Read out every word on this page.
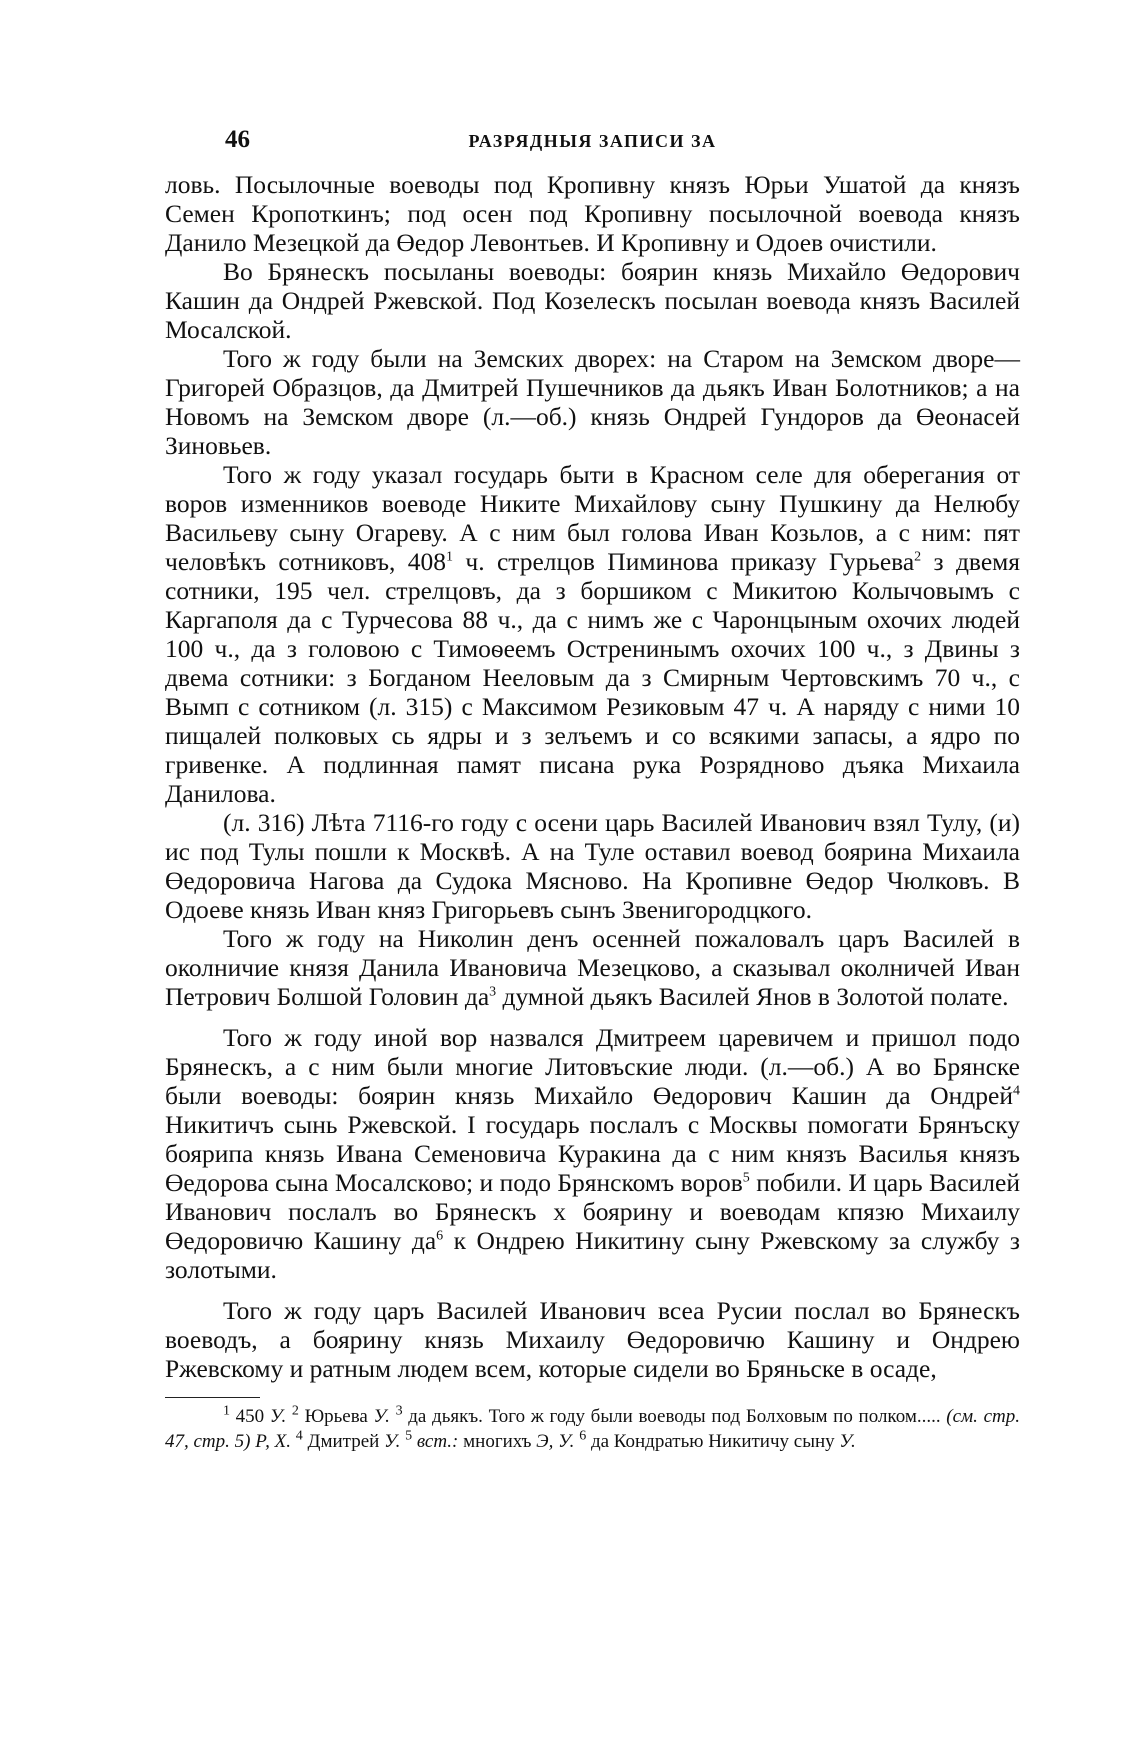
46	РАЗРЯДНЫЯ ЗАПИСИ ЗА

ловь. Посылочные воеводы под Кропивну князъ Юрьи Ушатой да князъ Семен Кропоткинъ; под осен под Кропивну посылочной воевода князъ Данило Мезецкой да Өедор Левонтьев. И Кропивну и Одоев очистили.

Во Брянескъ посыланы воеводы: боярин князь Михайло Өедорович Кашин да Ондрей Ржевской. Под Козелескъ посылан воевода князъ Василей Мосалской.

Того ж году были на Земских дворех: на Старом на Земском дворе— Григорей Образцов, да Дмитрей Пушечников да дьякъ Иван Болотников; а на Новомъ на Земском дворе (л.—об.) князь Ондрей Гундоров да Өеонасей Зиновьев.

Того ж году указал государь быти в Красном селе для оберегания от воров изменников воеводе Никите Михайлову сыну Пушкину да Нелюбу Васильеву сыну Огареву. А с ним был голова Иван Козьлов, а с ним: пят человѣкъ сотниковъ, $408^1$ ч. стрелцов Пиминова приказу Гурьева$^2$ з двемя сотники, 195 чел. стрелцовъ, да з боршиком с Микитою Колычовымъ с Каргаполя да с Турчесова 88 ч., да с нимъ же с Чаронцыным охочих людей 100 ч., да з головою с Тимоѳеемъ Остренинымъ охочих 100 ч., з Двины з двема сотники: з Богданом Нееловым да з Смирным Чертовскимъ 70 ч., с Вымп с сотником (л. 315) с Максимом Резиковым 47 ч. А наряду с ними 10 пищалей полковых сь ядры и з зелъемъ и со всякими запасы, а ядро по гривенке. А подлинная памят писана рука Розрядново дъяка Михаила Данилова.

(л. 316) Лѣта 7116-го году с осени царь Василей Иванович взял Тулу, (и) ис под Тулы пошли к Москвѣ. А на Туле оставил воевод боярина Михаила Өедоровича Нагова да Судока Мясново. На Кропивне Өедор Чюлковъ. В Одоеве князь Иван княз Григорьевъ сынъ Звенигородцкого.

Того ж году на Николин денъ осенней пожаловалъ царъ Василей в околничие князя Данила Ивановича Мезецково, а сказывал околничей Иван Петрович Болшой Головин $да^3$ думной дьякъ Василей Янов в Золотой полате.

Того ж году иной вор назвался Дмитреем царевичем и пришол подо Брянескъ, а с ним были многие Литовъские люди. (л.—об.) А во Брянске были воеводы: боярин князь Михайло Өедорович Кашин да Ондрей$^4$ Никитичъ сынь Ржевской. І государь послалъ с Москвы помогати Брянъску боярипа князь Ивана Семеновича Куракина да с ним князъ Василья князъ Өедорова сына Мосалсково; и подо Брянскомъ воров$^5$ побили. И царь Василей Иванович послалъ во Брянескъ х боярину и воеводам кпязю Михаилу Өедоровичю Кашину $да^6$ к Ондрею Никитину сыну Ржевскому за службу з золотыми.

Того ж году царъ Василей Иванович всеа Русии послал во Брянескъ воеводъ, а боярину князь Михаилу Өедоровичю Кашину и Ондрею Ржевскому и ратным людем всем, которые сидели во Бряньске в осаде,

$^1$ 450 У. $^2$ Юрьева У. $^3$ да дьякъ. Того ж году были воеводы под Болховым по полком..... (см. стр. 47, стр. 5) Р, Х. $^4$ Дмитрей У. $^5$ вст.: многихъ Э, У. $^6$ да Кондратью Никитичу сыну У.
